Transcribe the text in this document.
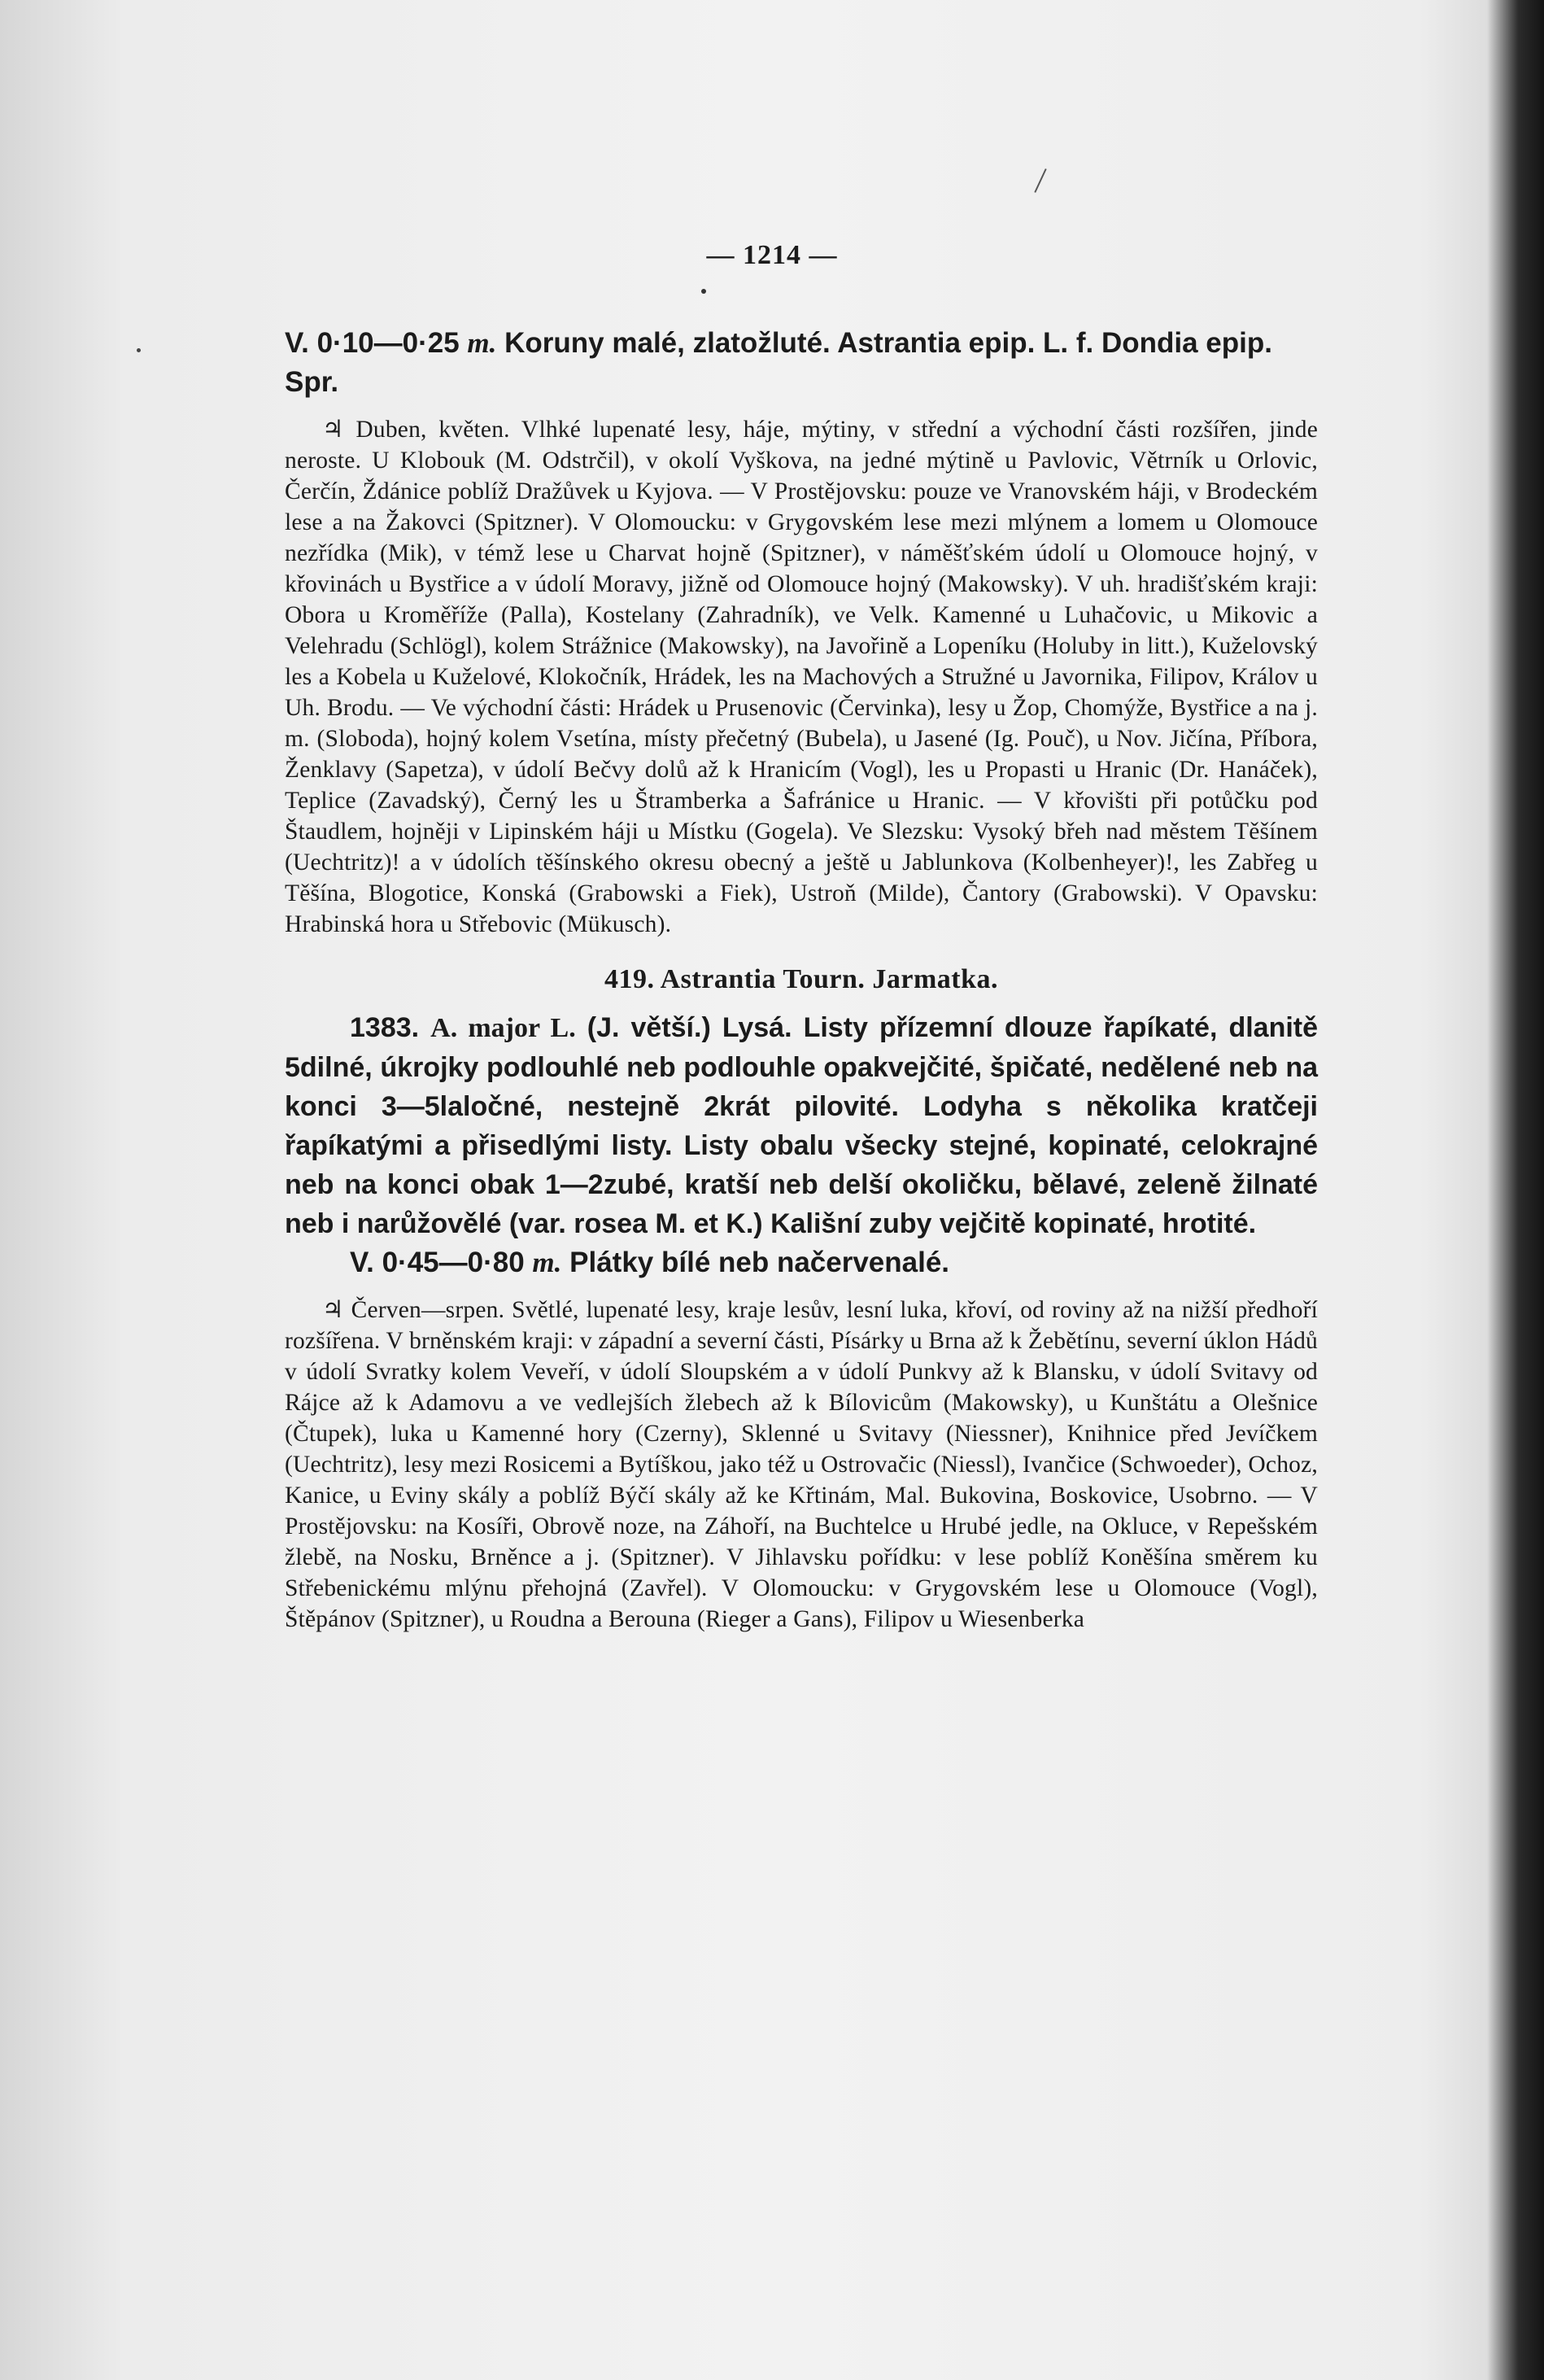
— 1214 —

V. 0·10—0·25 m. Koruny malé, zlatožluté. Astrantia epip. L. f. Dondia epip. Spr.

♃ Duben, květen. Vlhké lupenaté lesy, háje, mýtiny, v střední a východní části rozšířen, jinde neroste. U Klobouk (M. Odstrčil), v okolí Vyškova, na jedné mýtině u Pavlovic, Větrník u Orlovic, Čerčín, Ždánice poblíž Dražůvek u Kyjova. — V Prostějovsku: pouze ve Vranovském háji, v Brodeckém lese a na Žakovci (Spitzner). V Olomoucku: v Grygovském lese mezi mlýnem a lomem u Olomouce nezřídka (Mik), v témž lese u Charvat hojně (Spitzner), v náměšťském údolí u Olomouce hojný, v křovinách u Bystřice a v údolí Moravy, jižně od Olomouce hojný (Makowsky). V uh. hradišťském kraji: Obora u Kroměříže (Palla), Kostelany (Zahradník), ve Velk. Kamenné u Luhačovic, u Mikovic a Velehradu (Schlögl), kolem Strážnice (Makowsky), na Javořině a Lopeníku (Holuby in litt.), Kuželovský les a Kobela u Kuželové, Klokočník, Hrádek, les na Machových a Stružné u Javornika, Filipov, Králov u Uh. Brodu. — Ve východní části: Hrádek u Prusenovic (Červinka), lesy u Žop, Chomýže, Bystřice a na j. m. (Sloboda), hojný kolem Vsetína, místy přečetný (Bubela), u Jasené (Ig. Pouč), u Nov. Jičína, Příbora, Ženklavy (Sapetza), v údolí Bečvy dolů až k Hranicím (Vogl), les u Propasti u Hranic (Dr. Hanáček), Teplice (Zavadský), Černý les u Štramberka a Šafránice u Hranic. — V křovišti při potůčku pod Štaudlem, hojněji v Lipinském háji u Místku (Gogela). Ve Slezsku: Vysoký břeh nad městem Těšínem (Uechtritz)! a v údolích těšínského okresu obecný a ještě u Jablunkova (Kolbenheyer)!, les Zabřeg u Těšína, Blogotice, Konská (Grabowski a Fiek), Ustroň (Milde), Čantory (Grabowski). V Opavsku: Hrabinská hora u Střebovic (Mükusch).

419. Astrantia Tourn. Jarmatka.

1383. A. major L. (J. větší.) Lysá. Listy přízemní dlouze řapíkaté, dlanitě 5dilné, úkrojky podlouhlé neb podlouhle opakvejčité, špičaté, nedělené neb na konci 3—5laločné, nestejně 2krát pilovité. Lodyha s několika kratčeji řapíkatými a přisedlými listy. Listy obalu všecky stejné, kopinaté, celokrajné neb na konci obak 1—2zubé, kratší neb delší okoličku, bělavé, zeleně žilnaté neb i narůžovělé (var. rosea M. et K.) Kališní zuby vejčitě kopinaté, hrotité.

V. 0·45—0·80 m. Plátky bílé neb načervenalé.

♃ Červen—srpen. Světlé, lupenaté lesy, kraje lesův, lesní luka, křoví, od roviny až na nižší předhoří rozšířena. V brněnském kraji: v západní a severní části, Písárky u Brna až k Žebětínu, severní úklon Hádů v údolí Svratky kolem Veveří, v údolí Sloupském a v údolí Punkvy až k Blansku, v údolí Svitavy od Rájce až k Adamovu a ve vedlejších žlebech až k Bílovicům (Makowsky), u Kunštátu a Olešnice (Čtupek), luka u Kamenné hory (Czerny), Sklenné u Svitavy (Niessner), Knihnice před Jevíčkem (Uechtritz), lesy mezi Rosicemi a Bytíškou, jako též u Ostrovačic (Niessl), Ivančice (Schwoeder), Ochoz, Kanice, u Eviny skály a poblíž Býčí skály až ke Křtinám, Mal. Bukovina, Boskovice, Usobrno. — V Prostějovsku: na Kosíři, Obrově noze, na Záhoří, na Buchtelce u Hrubé jedle, na Okluce, v Repešském žlebě, na Nosku, Brněnce a j. (Spitzner). V Jihlavsku pořídku: v lese poblíž Koněšína směrem ku Střebenickému mlýnu přehojná (Zavřel). V Olomoucku: v Grygovském lese u Olomouce (Vogl), Štěpánov (Spitzner), u Roudna a Berouna (Rieger a Gans), Filipov u Wiesenberka
